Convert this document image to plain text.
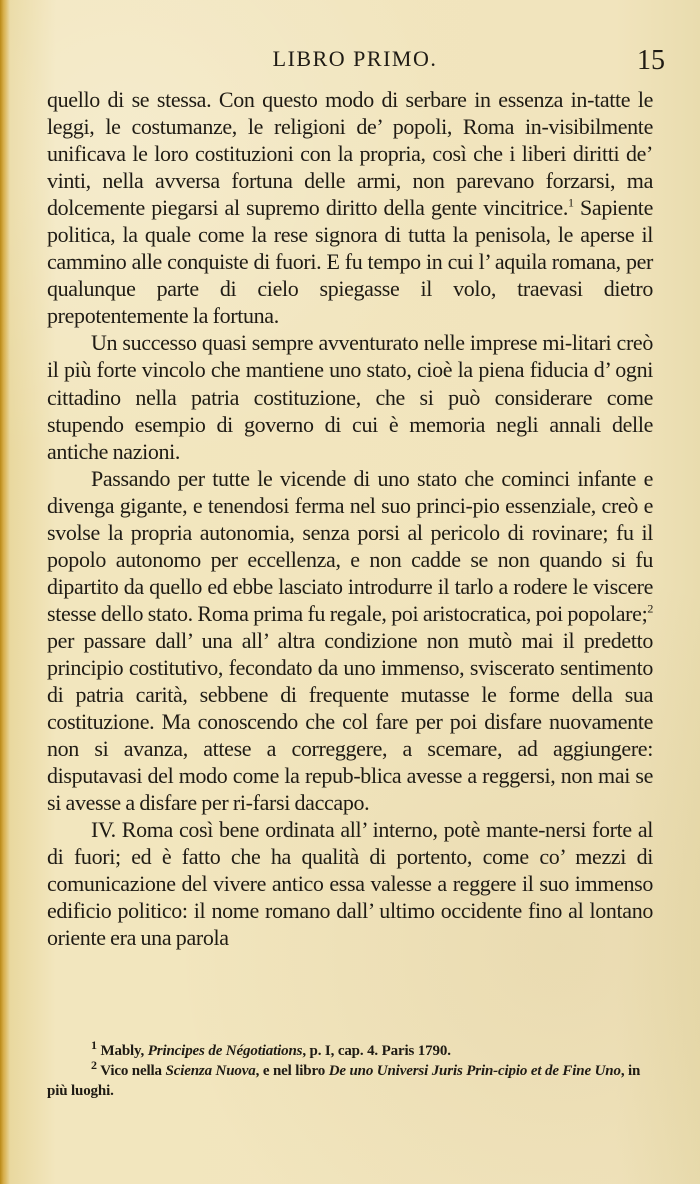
LIBRO PRIMO.	15

quello di se stessa. Con questo modo di serbare in essenza in-tatte le leggi, le costumanze, le religioni de’ popoli, Roma in-visibilmente unificava le loro costituzioni con la propria, così che i liberi diritti de’ vinti, nella avversa fortuna delle armi, non parevano forzarsi, ma dolcemente piegarsi al supremo diritto della gente vincitrice.$^1$ Sapiente politica, la quale come la rese signora di tutta la penisola, le aperse il cammino alle conquiste di fuori. E fu tempo in cui l’ aquila romana, per qualunque parte di cielo spiegasse il volo, traevasi dietro prepotentemente la fortuna.

Un successo quasi sempre avventurato nelle imprese mi-litari creò il più forte vincolo che mantiene uno stato, cioè la piena fiducia d’ ogni cittadino nella patria costituzione, che si può considerare come stupendo esempio di governo di cui è memoria negli annali delle antiche nazioni.

Passando per tutte le vicende di uno stato che cominci infante e divenga gigante, e tenendosi ferma nel suo princi-pio essenziale, creò e svolse la propria autonomia, senza porsi al pericolo di rovinare; fu il popolo autonomo per eccellenza, e non cadde se non quando si fu dipartito da quello ed ebbe lasciato introdurre il tarlo a rodere le viscere stesse dello stato. Roma prima fu regale, poi aristocratica, poi popolare;$^2$ per passare dall’ una all’ altra condizione non mutò mai il predetto principio costitutivo, fecondato da uno immenso, sviscerato sentimento di patria carità, sebbene di frequente mutasse le forme della sua costituzione. Ma conoscendo che col fare per poi disfare nuovamente non si avanza, attese a correggere, a scemare, ad aggiungere: disputavasi del modo come la repub-blica avesse a reggersi, non mai se si avesse a disfare per ri-farsi daccapo.

IV. Roma così bene ordinata all’ interno, potè mante-nersi forte al di fuori; ed è fatto che ha qualità di portento, come co’ mezzi di comunicazione del vivere antico essa valesse a reggere il suo immenso edificio politico: il nome romano dall’ ultimo occidente fino al lontano oriente era una parola

$^1$ Mably, Principes de Négotiations, p. I, cap. 4. Paris 1790.

$^2$ Vico nella Scienza Nuova, e nel libro De uno Universi Juris Prin-cipio et de Fine Uno, in più luoghi.
